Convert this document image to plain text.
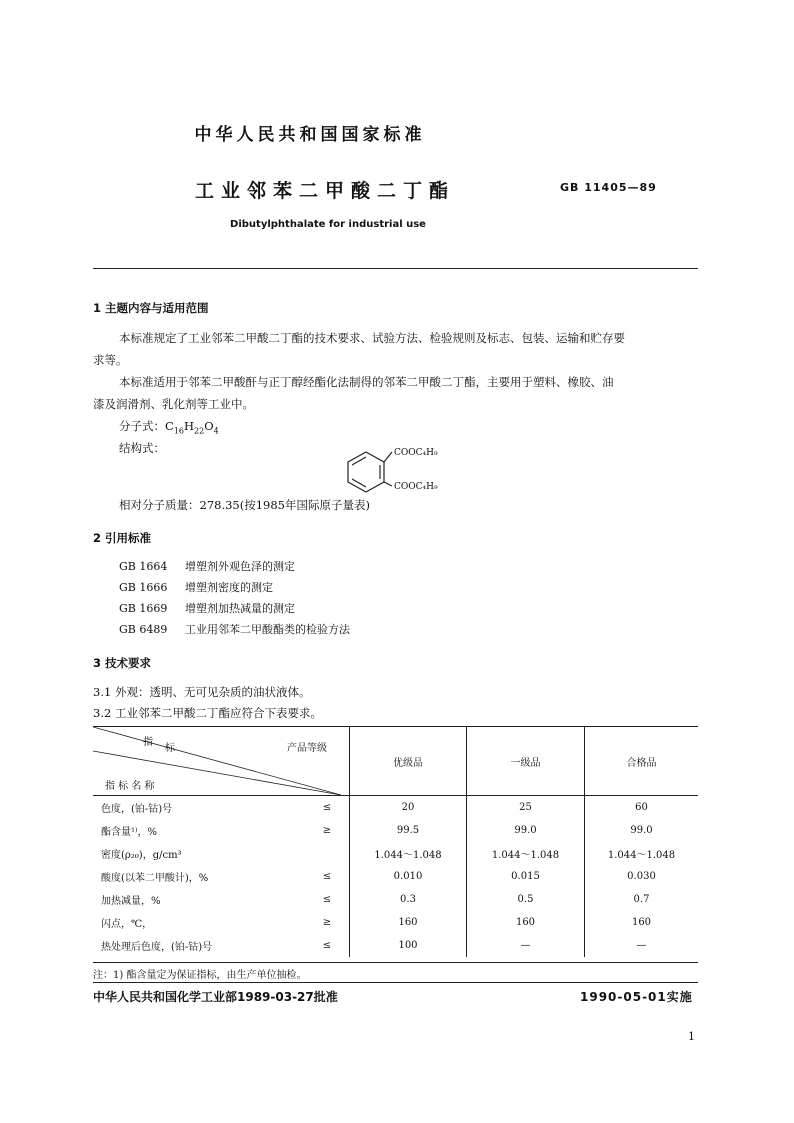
中华人民共和国国家标准
工业邻苯二甲酸二丁酯	GB 11405—89
Dibutylphthalate for industrial use
1 主题内容与适用范围
本标准规定了工业邻苯二甲酸二丁酯的技术要求、试验方法、检验规则及标志、包装、运输和贮存要
求等。
本标准适用于邻苯二甲酸酐与正丁醇经酯化法制得的邻苯二甲酸二丁酯，主要用于塑料、橡胶、油
漆及润滑剂、乳化剂等工业中。
分子式：$C_{16}H_{22}O_4$
结构式：	COOC₄H₉
COOC₄H₉
相对分子质量：278.35(按1985年国际原子量表)
2 引用标准
GB 1664 增塑剂外观色泽的测定
GB 1666 增塑剂密度的测定
GB 1669 增塑剂加热减量的测定
GB 6489 工业用邻苯二甲酸酯类的检验方法
3 技术要求
3.1 外观：透明、无可见杂质的油状液体。
3.2 工业邻苯二甲酸二丁酯应符合下表要求。
指
标 产品等级
指 标 名 称		优级品	一级品	合格品
色度，(铂-钴)号	≤	20	25	60
酯含量¹⁾，%	≥	99.5	99.0	99.0
密度(ρ₂₀)，g/cm³		1.044～1.048	1.044～1.048	1.044～1.048
酸度(以苯二甲酸计)，%	≤	0.010	0.015	0.030
加热减量，%	≤	0.3	0.5	0.7
闪点，℃，	≥	160	160	160
热处理后色度，(铂-钴)号	≤	100	—	—
注：1) 酯含量定为保证指标，由生产单位抽检。
中华人民共和国化学工业部1989-03-27批准	1990-05-01实施
1
